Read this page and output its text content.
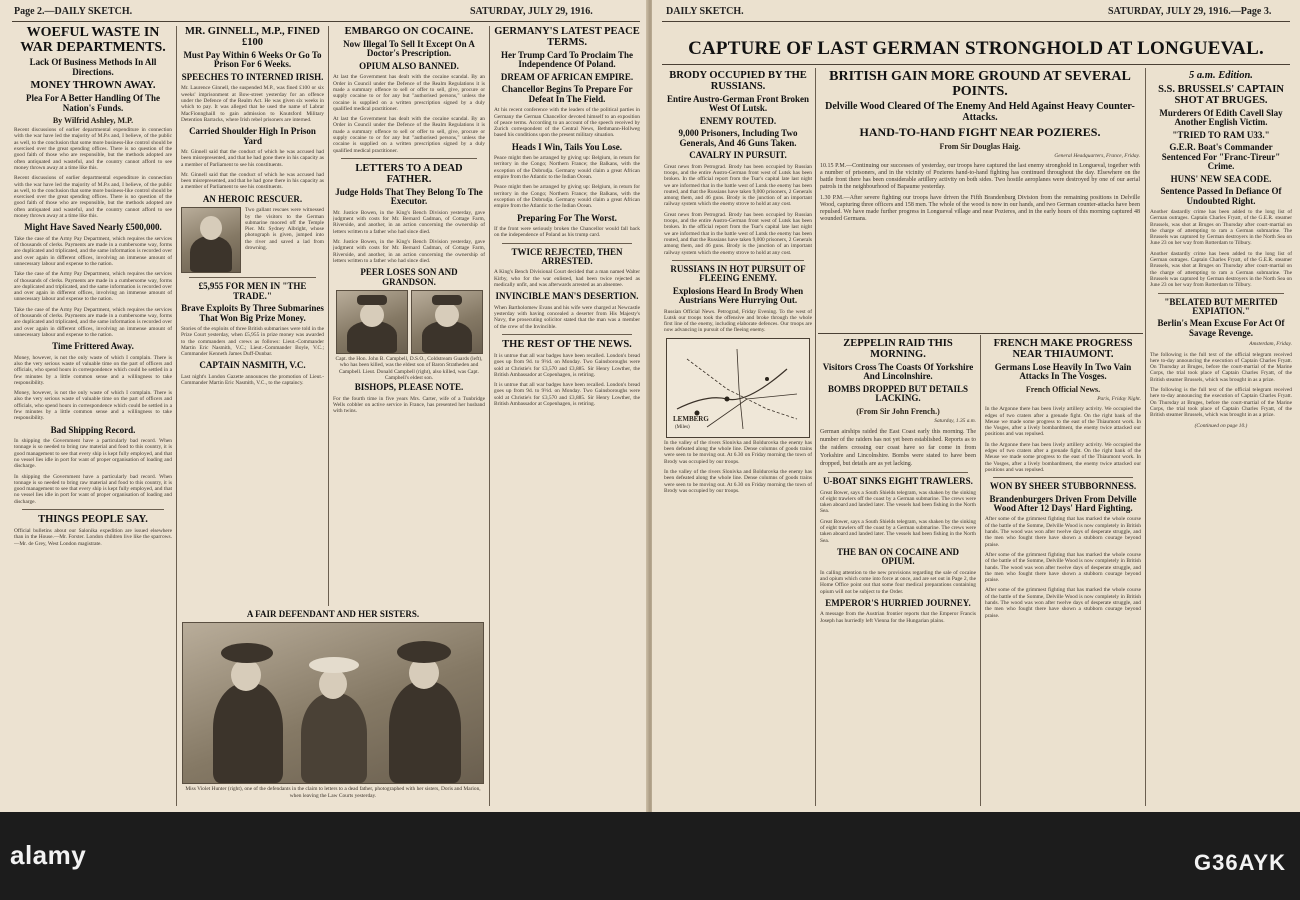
Page 2.—DAILY SKETCH.	SATURDAY, JULY 29, 1916.
WOEFUL WASTE IN WAR DEPARTMENTS.
Lack Of Business Methods In All Directions.
MONEY THROWN AWAY.
Plea For A Better Handling Of The Nation's Funds.
By Wilfrid Ashley, M.P.

Recent discussions of earlier departmental expenditure in connection with the war have led the majority of M.P.s and, I believe, of the public as well, to the conclusion that some more business-like control should be exercised over the great spending offices. There is no question of the good faith of those who are responsible, but the methods adopted are often antiquated and wasteful, and the country cannot afford to see money thrown away at a time like this.

Recent discussions of earlier departmental expenditure in connection with the war have led the majority of M.P.s and, I believe, of the public as well, to the conclusion that some more business-like control should be exercised over the great spending offices. There is no question of the good faith of those who are responsible, but the methods adopted are often antiquated and wasteful, and the country cannot afford to see money thrown away at a time like this.

Might Have Saved Nearly £500,000.

Take the case of the Army Pay Department, which requires the services of thousands of clerks. Payments are made in a cumbersome way, forms are duplicated and triplicated, and the same information is recorded over and over again in different offices, involving an immense amount of unnecessary labour and expense to the nation.

Take the case of the Army Pay Department, which requires the services of thousands of clerks. Payments are made in a cumbersome way, forms are duplicated and triplicated, and the same information is recorded over and over again in different offices, involving an immense amount of unnecessary labour and expense to the nation.

Take the case of the Army Pay Department, which requires the services of thousands of clerks. Payments are made in a cumbersome way, forms are duplicated and triplicated, and the same information is recorded over and over again in different offices, involving an immense amount of unnecessary labour and expense to the nation.

Time Frittered Away.

Money, however, is not the only waste of which I complain. There is also the very serious waste of valuable time on the part of officers and officials, who spend hours in correspondence which could be settled in a few minutes by a little common sense and a willingness to take responsibility.

Money, however, is not the only waste of which I complain. There is also the very serious waste of valuable time on the part of officers and officials, who spend hours in correspondence which could be settled in a few minutes by a little common sense and a willingness to take responsibility.

Bad Shipping Record.

In shipping the Government have a particularly bad record. When tonnage is so needed to bring raw material and food to this country, it is good management to see that every ship is kept fully employed, and that no vessel lies idle in port for want of proper organisation of loading and discharge.

In shipping the Government have a particularly bad record. When tonnage is so needed to bring raw material and food to this country, it is good management to see that every ship is kept fully employed, and that no vessel lies idle in port for want of proper organisation of loading and discharge.

THINGS PEOPLE SAY.

Official bulletins about our Salonika expedition are issued elsewhere than in the House.—Mr. Forster. London children live like the sparrows.—Mr. de Grey, West London magistrate.

MR. GINNELL, M.P., FINED £100
Must Pay Within 6 Weeks Or Go To Prison For 6 Weeks.
SPEECHES TO INTERNED IRISH.

Mr. Laurence Ginnell, the suspended M.P., was fined £100 or six weeks' imprisonment at Bow-street yesterday for an offence under the Defence of the Realm Act. He was given six weeks in which to pay. It was alleged that he used the name of Labrar MacFionnghaill to gain admission to Knutsford Military Detention Barracks, where Irish rebel prisoners are interned.

Carried Shoulder High In Prison Yard

Mr. Ginnell said that the conduct of which he was accused had been misrepresented, and that he had gone there in his capacity as a member of Parliament to see his constituents.

Mr. Ginnell said that the conduct of which he was accused had been misrepresented, and that he had gone there in his capacity as a member of Parliament to see his constituents.

AN HEROIC RESCUER.

Two gallant rescues were witnessed by the visitors to the German submarine moored off the Temple Pier. Mr. Sydney Albright, whose photograph is given, jumped into the river and saved a lad from drowning.

£5,955 FOR MEN IN "THE TRADE."
Brave Exploits By Three Submarines That Won Big Prize Money.

Stories of the exploits of three British submarines were told in the Prize Court yesterday, when £5,955 in prize money was awarded to the commanders and crews as follows: Lieut.-Commander Martin Eric Nasmith, V.C.; Lieut.-Commander Boyle, V.C.; Commander Kenneth James Duff-Dunbar.

CAPTAIN NASMITH, V.C.

Last night's London Gazette announces the promotion of Lieut.-Commander Martin Eric Nasmith, V.C., to the captaincy.

EMBARGO ON COCAINE.
Now Illegal To Sell It Except On A Doctor's Prescription.
OPIUM ALSO BANNED.

At last the Government has dealt with the cocaine scandal. By an Order in Council under the Defence of the Realm Regulations it is made a summary offence to sell or offer to sell, give, procure or supply cocaine to or for any but "authorised persons," unless the cocaine is supplied on a written prescription signed by a duly qualified medical practitioner.

At last the Government has dealt with the cocaine scandal. By an Order in Council under the Defence of the Realm Regulations it is made a summary offence to sell or offer to sell, give, procure or supply cocaine to or for any but "authorised persons," unless the cocaine is supplied on a written prescription signed by a duly qualified medical practitioner.

LETTERS TO A DEAD FATHER.
Judge Holds That They Belong To The Executor.

Mr. Justice Bowen, in the King's Bench Division yesterday, gave judgment with costs for Mr. Bernard Cadman, of Cottage Farm, Riverside, and another, in an action concerning the ownership of letters written to a father who had since died.

Mr. Justice Bowen, in the King's Bench Division yesterday, gave judgment with costs for Mr. Bernard Cadman, of Cottage Farm, Riverside, and another, in an action concerning the ownership of letters written to a father who had since died.

PEER LOSES SON AND GRANDSON.

Capt. the Hon. John B. Campbell, D.S.O., Coldstream Guards (left), who has been killed, was the eldest son of Baron Stratheden and Campbell. Lieut. Donald Campbell (right), also killed, was Capt. Campbell's eldest son.

BISHOPS, PLEASE NOTE.

For the fourth time in five years Mrs. Carter, wife of a Tunbridge Wells cobbler on active service in France, has presented her husband with twins.

GERMANY'S LATEST PEACE TERMS.
Her Trump Card To Proclaim The Independence Of Poland.
DREAM OF AFRICAN EMPIRE.
Chancellor Begins To Prepare For Defeat In The Field.

At his recent conference with the leaders of the political parties in Germany the German Chancellor devoted himself to an exposition of peace terms. According to an account of the speech received by Zurich correspondent of the Central News, Bethmann-Hollweg based his conditions upon the present military situation.

Heads I Win, Tails You Lose.

Peace might then be arranged by giving up: Belgium, in return for territory in the Congo; Northern France; the Balkans, with the exception of the Dobrudja. Germany would claim a great African empire from the Atlantic to the Indian Ocean.

Peace might then be arranged by giving up: Belgium, in return for territory in the Congo; Northern France; the Balkans, with the exception of the Dobrudja. Germany would claim a great African empire from the Atlantic to the Indian Ocean.

Preparing For The Worst.

If the front were seriously broken the Chancellor would fall back on the independence of Poland as his trump card.

TWICE REJECTED, THEN ARRESTED.

A King's Bench Divisional Court decided that a man named Walter Kirby, who for the war enlisted, had been twice rejected as medically unfit, and was afterwards arrested as an absentee.

INVINCIBLE MAN'S DESERTION.

When Bartholomew Evans and his wife were charged at Newcastle yesterday with having concealed a deserter from His Majesty's Navy, the prosecuting solicitor stated that the man was a member of the crew of the Invincible.

THE REST OF THE NEWS.

It is untrue that all war badges have been recalled. London's bread goes up from 9d. to 9½d. on Monday. Two Gainsboroughs were sold at Christie's for £3,570 and £3,885. Sir Henry Lowther, the British Ambassador at Copenhagen, is retiring.

It is untrue that all war badges have been recalled. London's bread goes up from 9d. to 9½d. on Monday. Two Gainsboroughs were sold at Christie's for £3,570 and £3,885. Sir Henry Lowther, the British Ambassador at Copenhagen, is retiring.

A FAIR DEFENDANT AND HER SISTERS.

Miss Violet Hunter (right), one of the defendants in the claim to letters to a dead father, photographed with her sisters, Doris and Marion, when leaving the Law Courts yesterday.

DAILY SKETCH.	SATURDAY, JULY 29, 1916.—Page 3.
BRODY OCCUPIED BY THE RUSSIANS.
Entire Austro-German Front Broken West Of Lutsk.
ENEMY ROUTED.
9,000 Prisoners, Including Two Generals, And 46 Guns Taken.
CAVALRY IN PURSUIT.

Great news from Petrograd. Brody has been occupied by Russian troops, and the entire Austro-German front west of Lutsk has been broken. In the official report from the Tsar's capital late last night we are informed that in the battle west of Lutsk the enemy has been routed, and that the Russians have taken 9,000 prisoners, 2 Generals among them, and 46 guns. Brody is the junction of an important railway system which the enemy strove to hold at any cost.

Great news from Petrograd. Brody has been occupied by Russian troops, and the entire Austro-German front west of Lutsk has been broken. In the official report from the Tsar's capital late last night we are informed that in the battle west of Lutsk the enemy has been routed, and that the Russians have taken 9,000 prisoners, 2 Generals among them, and 46 guns. Brody is the junction of an important railway system which the enemy strove to hold at any cost.

RUSSIANS IN HOT PURSUIT OF FLEEING ENEMY.
Explosions Heard In Brody When Austrians Were Hurrying Out.

Russian Official News. Petrograd, Friday Evening. To the west of Lutsk our troops took the offensive and broke through the whole first line of the enemy, including elaborate defences. Our troops are now advancing in pursuit of the fleeing enemy.

LEMBERG
(Miles)

In the valley of the rivers Slonivka and Boldurovka the enemy has been defeated along the whole line. Dense columns of goods trains were seen to be moving out. At 6.30 on Friday morning the town of Brody was occupied by our troops.

In the valley of the rivers Slonivka and Boldurovka the enemy has been defeated along the whole line. Dense columns of goods trains were seen to be moving out. At 6.30 on Friday morning the town of Brody was occupied by our troops.

BRITISH GAIN MORE GROUND AT SEVERAL POINTS.
Delville Wood Cleared Of The Enemy And Held Against Heavy Counter-Attacks.
HAND-TO-HAND FIGHT NEAR POZIERES.
From Sir Douglas Haig.
General Headquarters, France, Friday.

10.15 P.M.—Continuing our successes of yesterday, our troops have captured the last enemy stronghold in Longueval, together with a number of prisoners, and in the vicinity of Pozieres hand-to-hand fighting has continued throughout the day. Elsewhere on the battle front there has been considerable artillery activity on both sides. Two hostile aeroplanes were destroyed by one of our aerial patrols in the neighbourhood of Bapaume yesterday.

1.30 P.M.—After severe fighting our troops have driven the Fifth Brandenburg Division from the remaining positions in Delville Wood, capturing three officers and 158 men. The whole of the wood is now in our hands, and two German counter-attacks have been repulsed. We have made further progress in Longueval village and near Pozieres, and in the early hours of this morning captured 48 wounded Germans.

ZEPPELIN RAID THIS MORNING.
Visitors Cross The Coasts Of Yorkshire And Lincolnshire.
BOMBS DROPPED BUT DETAILS LACKING.
(From Sir John French.)
Saturday, 1.35 a.m.

German airships raided the East Coast early this morning. The number of the raiders has not yet been established. Reports as to the raiders crossing our coast have so far come in from Yorkshire and Lincolnshire. Bombs were stated to have been dropped, but details are as yet lacking.

U-BOAT SINKS EIGHT TRAWLERS.

Great Bower, says a South Shields telegram, was shaken by the sinking of eight trawlers off the coast by a German submarine. The crews were taken aboard and landed later. The vessels had been fishing in the North Sea.

Great Bower, says a South Shields telegram, was shaken by the sinking of eight trawlers off the coast by a German submarine. The crews were taken aboard and landed later. The vessels had been fishing in the North Sea.

THE BAN ON COCAINE AND OPIUM.

In calling attention to the new provisions regarding the sale of cocaine and opium which come into force at once, and are set out in Page 2, the Home Office point out that some four medical preparations containing opium will not be subject to the Order.

EMPEROR'S HURRIED JOURNEY.

A message from the Austrian frontier reports that the Emperor Francis Joseph has hurriedly left Vienna for the Hungarian plains.

FRENCH MAKE PROGRESS NEAR THIAUMONT.
Germans Lose Heavily In Two Vain Attacks In The Vosges.
French Official News.
Paris, Friday Night.

In the Argonne there has been lively artillery activity. We occupied the edges of two craters after a grenade fight. On the right bank of the Meuse we made some progress to the east of the Thiaumont work. In the Vosges, after a lively bombardment, the enemy twice attacked our positions and was repulsed.

In the Argonne there has been lively artillery activity. We occupied the edges of two craters after a grenade fight. On the right bank of the Meuse we made some progress to the east of the Thiaumont work. In the Vosges, after a lively bombardment, the enemy twice attacked our positions and was repulsed.

WON BY SHEER STUBBORNNESS.
Brandenburgers Driven From Delville Wood After 12 Days' Hard Fighting.

After some of the grimmest fighting that has marked the whole course of the battle of the Somme, Delville Wood is now completely in British hands. The wood was won after twelve days of desperate struggle, and the men who fought there have shown a stubborn courage beyond praise.

After some of the grimmest fighting that has marked the whole course of the battle of the Somme, Delville Wood is now completely in British hands. The wood was won after twelve days of desperate struggle, and the men who fought there have shown a stubborn courage beyond praise.

After some of the grimmest fighting that has marked the whole course of the battle of the Somme, Delville Wood is now completely in British hands. The wood was won after twelve days of desperate struggle, and the men who fought there have shown a stubborn courage beyond praise.

5 a.m. Edition.
S.S. BRUSSELS' CAPTAIN SHOT AT BRUGES.
Murderers Of Edith Cavell Slay Another English Victim.
"TRIED TO RAM U33."
G.E.R. Boat's Commander Sentenced For "Franc-Tireur" Crime.
HUNS' NEW SEA CODE.
Sentence Passed In Defiance Of Undoubted Right.

Another dastardly crime has been added to the long list of German outrages. Captain Charles Fryatt, of the G.E.R. steamer Brussels, was shot at Bruges on Thursday after court-martial on the charge of attempting to ram a German submarine. The Brussels was captured by German destroyers in the North Sea on June 23 on her way from Rotterdam to Tilbury.

Another dastardly crime has been added to the long list of German outrages. Captain Charles Fryatt, of the G.E.R. steamer Brussels, was shot at Bruges on Thursday after court-martial on the charge of attempting to ram a German submarine. The Brussels was captured by German destroyers in the North Sea on June 23 on her way from Rotterdam to Tilbury.

"BELATED BUT MERITED EXPIATION."
Berlin's Mean Excuse For Act Of Savage Revenge.
Amsterdam, Friday.

The following is the full text of the official telegram received here to-day announcing the execution of Captain Charles Fryatt. On Thursday at Bruges, before the court-martial of the Marine Corps, the trial took place of Captain Charles Fryatt, of the British steamer Brussels, which was brought in as a prize.

The following is the full text of the official telegram received here to-day announcing the execution of Captain Charles Fryatt. On Thursday at Bruges, before the court-martial of the Marine Corps, the trial took place of Captain Charles Fryatt, of the British steamer Brussels, which was brought in as a prize.

(Continued on page 10.)
CAPTURE OF LAST GERMAN STRONGHOLD AT LONGUEVAL.
alamy	G36AYK
